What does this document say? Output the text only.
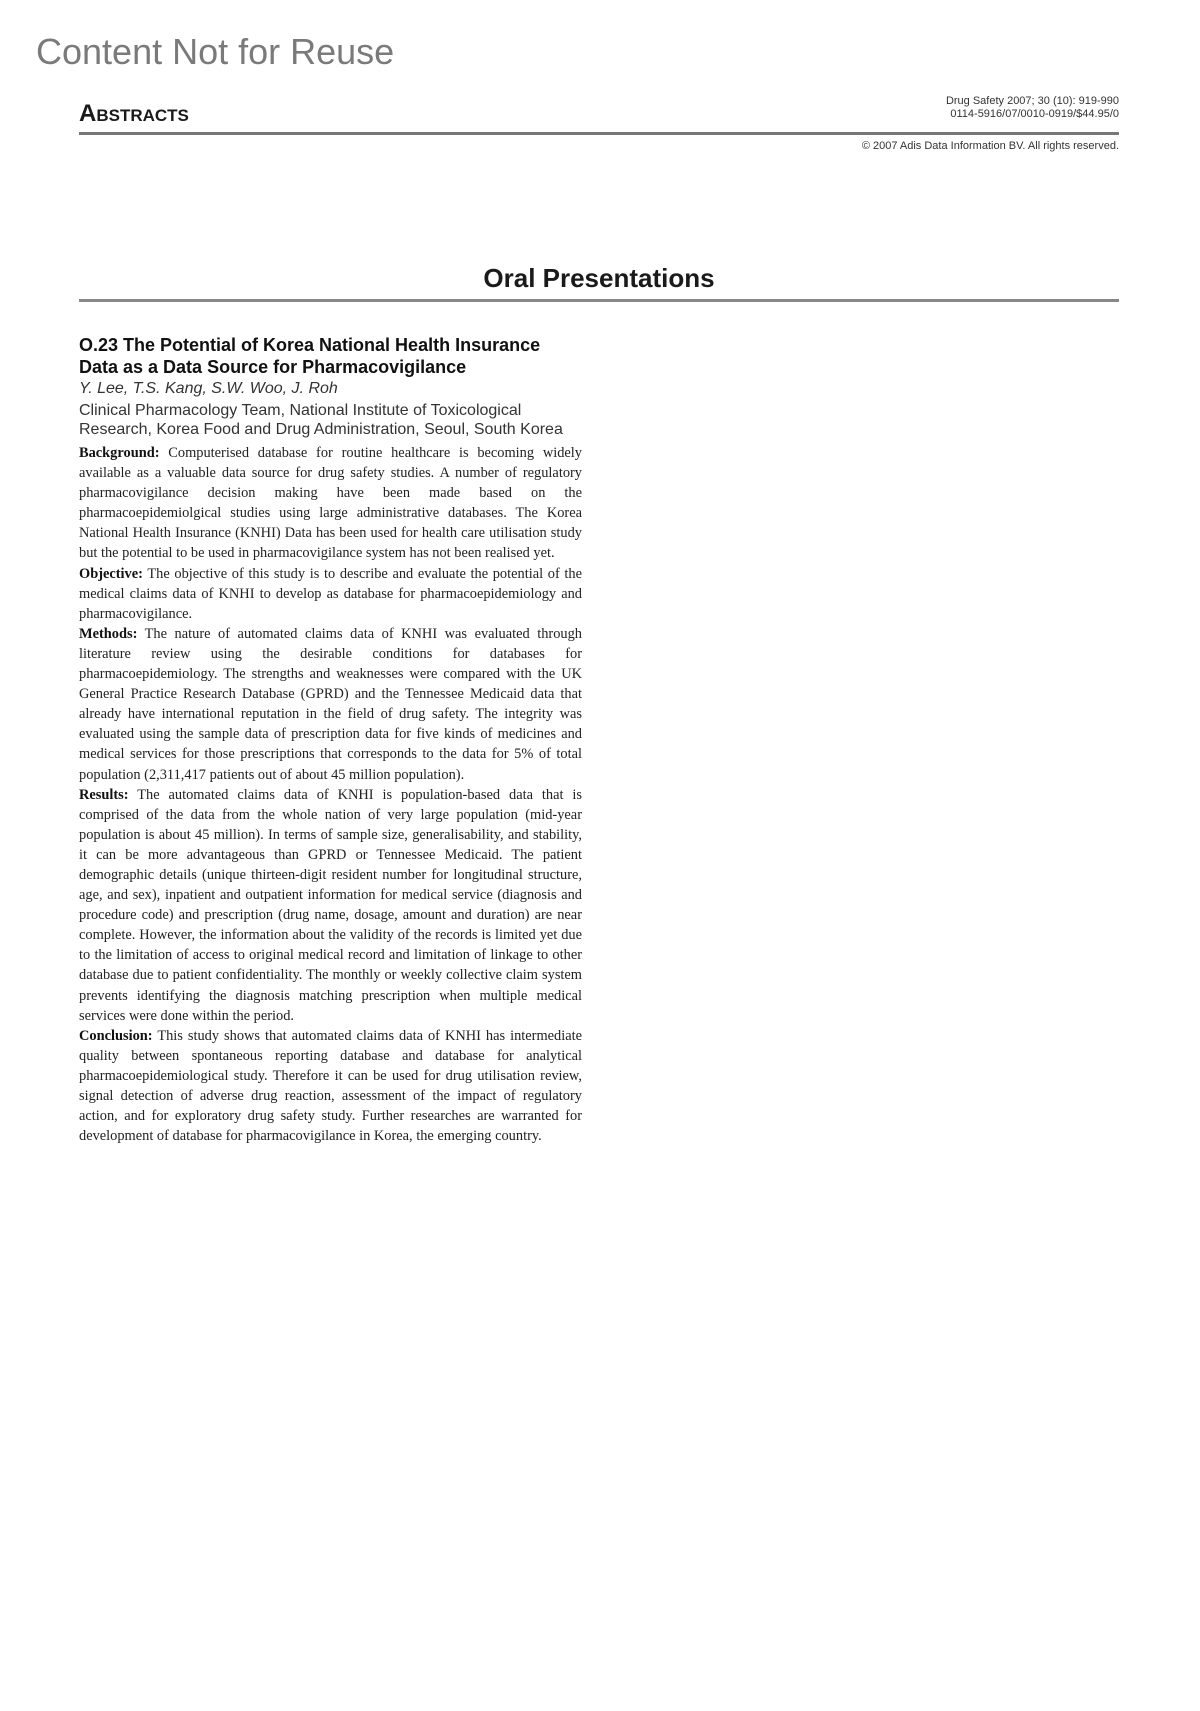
Content Not for Reuse
Abstracts	Drug Safety 2007; 30 (10): 919-990
0114-5916/07/0010-0919/$44.95/0
© 2007 Adis Data Information BV. All rights reserved.
Oral Presentations
O.23 The Potential of Korea National Health Insurance Data as a Data Source for Pharmacovigilance
Y. Lee, T.S. Kang, S.W. Woo, J. Roh
Clinical Pharmacology Team, National Institute of Toxicological Research, Korea Food and Drug Administration, Seoul, South Korea

Background: Computerised database for routine healthcare is becoming widely available as a valuable data source for drug safety studies. A number of regulatory pharmacovigilance decision making have been made based on the pharmacoepidemiolgical studies using large administrative databases. The Korea National Health Insurance (KNHI) Data has been used for health care utilisation study but the potential to be used in pharmacovigilance system has not been realised yet.

Objective: The objective of this study is to describe and evaluate the potential of the medical claims data of KNHI to develop as database for pharmacoepidemiology and pharmacovigilance.

Methods: The nature of automated claims data of KNHI was evaluated through literature review using the desirable conditions for databases for pharmacoepidemiology. The strengths and weaknesses were compared with the UK General Practice Research Database (GPRD) and the Tennessee Medicaid data that already have international reputation in the field of drug safety. The integrity was evaluated using the sample data of prescription data for five kinds of medicines and medical services for those prescriptions that corresponds to the data for 5% of total population (2,311,417 patients out of about 45 million population).

Results: The automated claims data of KNHI is population-based data that is comprised of the data from the whole nation of very large population (mid-year population is about 45 million). In terms of sample size, generalisability, and stability, it can be more advantageous than GPRD or Tennessee Medicaid. The patient demographic details (unique thirteen-digit resident number for longitudinal structure, age, and sex), inpatient and outpatient information for medical service (diagnosis and procedure code) and prescription (drug name, dosage, amount and duration) are near complete. However, the information about the validity of the records is limited yet due to the limitation of access to original medical record and limitation of linkage to other database due to patient confidentiality. The monthly or weekly collective claim system prevents identifying the diagnosis matching prescription when multiple medical services were done within the period.

Conclusion: This study shows that automated claims data of KNHI has intermediate quality between spontaneous reporting database and database for analytical pharmacoepidemiological study. Therefore it can be used for drug utilisation review, signal detection of adverse drug reaction, assessment of the impact of regulatory action, and for exploratory drug safety study. Further researches are warranted for development of database for pharmacovigilance in Korea, the emerging country.
